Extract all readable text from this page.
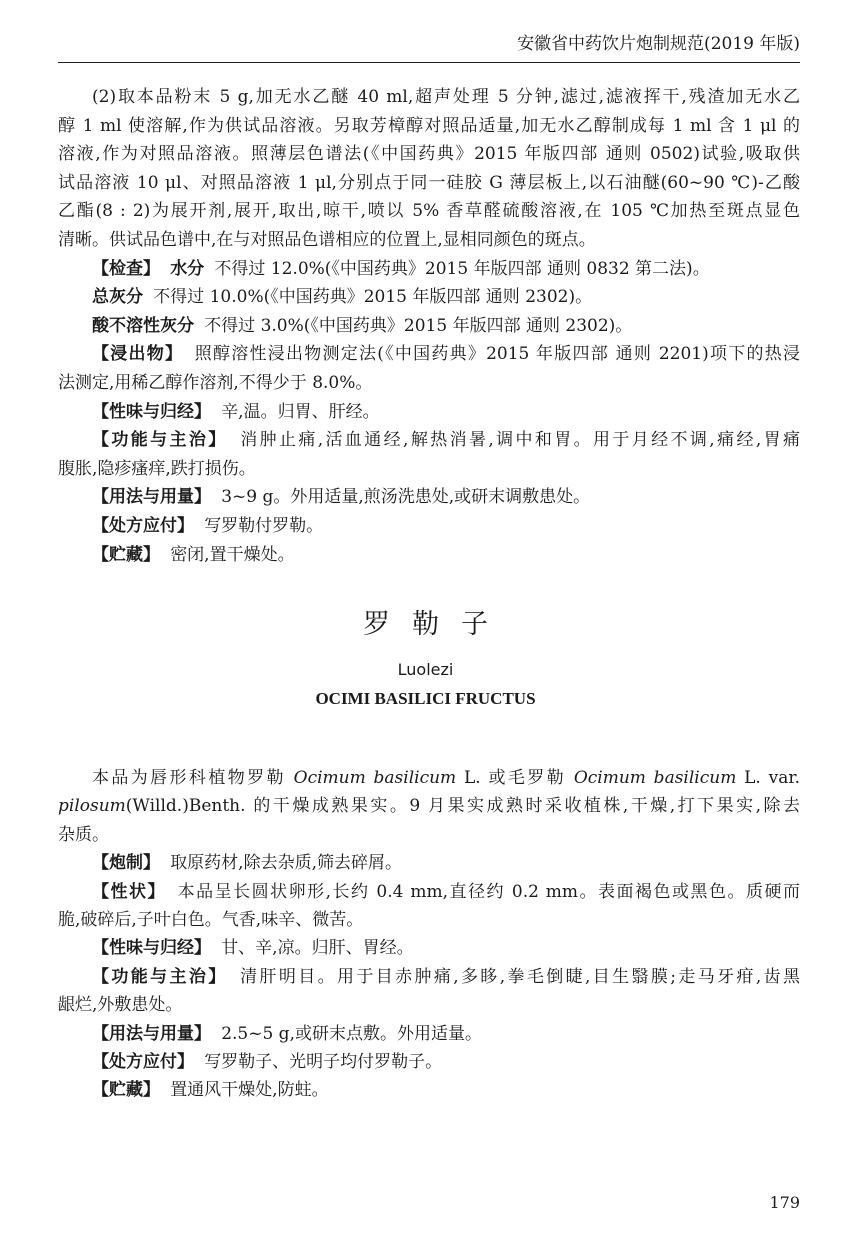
安徽省中药饮片炮制规范(2019 年版)

(2)取本品粉末 5 g,加无水乙醚 40 ml,超声处理 5 分钟,滤过,滤液挥干,残渣加无水乙

醇 1 ml 使溶解,作为供试品溶液。另取芳樟醇对照品适量,加无水乙醇制成每 1 ml 含 1 μl 的

溶液,作为对照品溶液。照薄层色谱法(《中国药典》2015 年版四部 通则 0502)试验,吸取供

试品溶液 10 μl、对照品溶液 1 μl,分别点于同一硅胶 G 薄层板上,以石油醚(60~90 ℃)-乙酸

乙酯(8 : 2)为展开剂,展开,取出,晾干,喷以 5% 香草醛硫酸溶液,在 105 ℃加热至斑点显色

清晰。供试品色谱中,在与对照品色谱相应的位置上,显相同颜色的斑点。

【检查】 水分 不得过 12.0%(《中国药典》2015 年版四部 通则 0832 第二法)。

总灰分 不得过 10.0%(《中国药典》2015 年版四部 通则 2302)。

酸不溶性灰分 不得过 3.0%(《中国药典》2015 年版四部 通则 2302)。

【浸出物】 照醇溶性浸出物测定法(《中国药典》2015 年版四部 通则 2201)项下的热浸

法测定,用稀乙醇作溶剂,不得少于 8.0%。

【性味与归经】 辛,温。归胃、肝经。

【功能与主治】 消肿止痛,活血通经,解热消暑,调中和胃。用于月经不调,痛经,胃痛

腹胀,隐疹瘙痒,跌打损伤。

【用法与用量】 3~9 g。外用适量,煎汤洗患处,或研末调敷患处。

【处方应付】 写罗勒付罗勒。

【贮藏】 密闭,置干燥处。

罗勒子
Luolezi
OCIMI BASILICI FRUCTUS

本品为唇形科植物罗勒 Ocimum basilicum L. 或毛罗勒 Ocimum basilicum L. var.

pilosum(Willd.)Benth. 的干燥成熟果实。9 月果实成熟时采收植株,干燥,打下果实,除去

杂质。

【炮制】 取原药材,除去杂质,筛去碎屑。

【性状】 本品呈长圆状卵形,长约 0.4 mm,直径约 0.2 mm。表面褐色或黑色。质硬而

脆,破碎后,子叶白色。气香,味辛、微苦。

【性味与归经】 甘、辛,凉。归肝、胃经。

【功能与主治】 清肝明目。用于目赤肿痛,多眵,拳毛倒睫,目生翳膜;走马牙疳,齿黑

龈烂,外敷患处。

【用法与用量】 2.5~5 g,或研末点敷。外用适量。

【处方应付】 写罗勒子、光明子均付罗勒子。

【贮藏】 置通风干燥处,防蛀。

179
